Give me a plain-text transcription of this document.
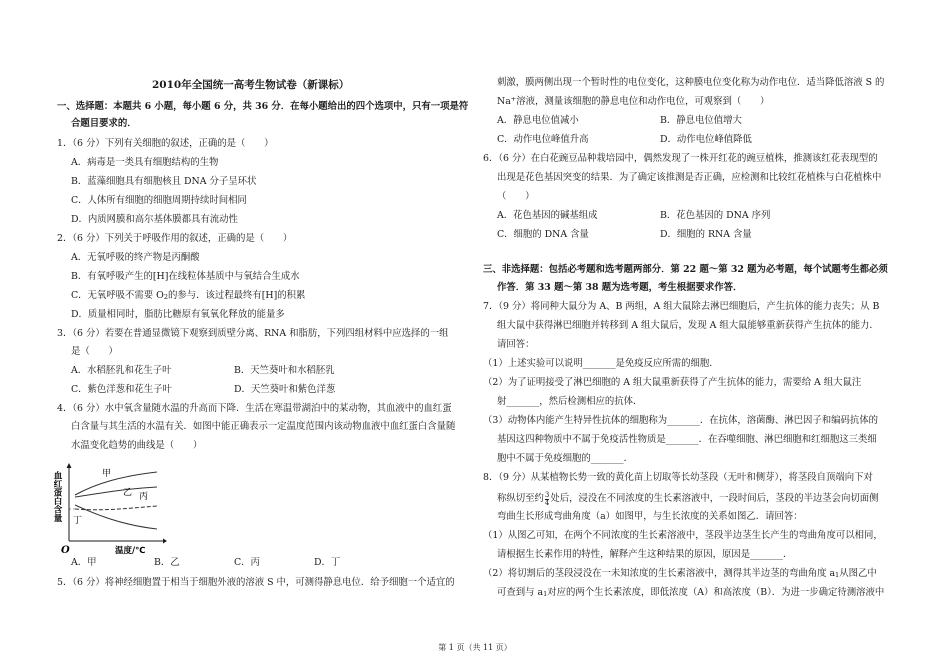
2010年全国统一高考生物试卷（新课标）
一、选择题：本题共 6 小题，每小题 6 分，共 36 分．在每小题给出的四个选项中，只有一项是符
合题目要求的．
1．（6 分）下列有关细胞的叙述，正确的是（　　）
A．病毒是一类具有细胞结构的生物
B．蓝藻细胞具有细胞核且 DNA 分子呈环状
C．人体所有细胞的细胞周期持续时间相同
D．内质网膜和高尔基体膜都具有流动性
2．（6 分）下列关于呼吸作用的叙述，正确的是（　　）
A．无氧呼吸的终产物是丙酮酸
B．有氧呼吸产生的[H]在线粒体基质中与氧结合生成水
C．无氧呼吸不需要 $O_2$的参与．该过程最终有[H]的积累
D．质量相同时，脂肪比糖原有氧氧化释放的能量多
3．（6 分）若要在普通显微镜下观察到质壁分离、RNA 和脂肪，下列四组材料中应选择的一组
是（　　）
A．水稻胚乳和花生子叶	B．天竺葵叶和水稻胚乳
C．紫色洋葱和花生子叶	D．天竺葵叶和紫色洋葱
4．（6 分）水中氧含量随水温的升高而下降．生活在寒温带湖泊中的某动物，其血液中的血红蛋
白含量与其生活的水温有关．如图中能正确表示一定温度范围内该动物血液中血红蛋白含量随
水温变化趋势的曲线是（　　）
A．甲	B．乙	C．丙	D．丁
5．（6 分）将神经细胞置于相当于细胞外液的溶液 S 中，可测得静息电位．给予细胞一个适宜的
刺激，膜两侧出现一个暂时性的电位变化，这种膜电位变化称为动作电位．适当降低溶液 S 的
Na+溶液，测量该细胞的静息电位和动作电位，可观察到（　　）
A．静息电位值减小	B．静息电位值增大
C．动作电位峰值升高	D．动作电位峰值降低
6．（6 分）在白花豌豆品种栽培园中，偶然发现了一株开红花的豌豆植株，推测该红花表现型的
出现是花色基因突变的结果．为了确定该推测是否正确，应检测和比较红花植株与白花植株中
（　　）
A．花色基因的碱基组成	B．花色基因的 DNA 序列
C．细胞的 DNA 含量	D．细胞的 RNA 含量
三、非选择题：包括必考题和选考题两部分．第 22 题～第 32 题为必考题，每个试题考生都必须
作答．第 33 题～第 38 题为选考题，考生根据要求作答．
7．（9 分）将同种大鼠分为 A、B 两组，A 组大鼠除去淋巴细胞后，产生抗体的能力丧失；从 B
组大鼠中获得淋巴细胞并转移到 A 组大鼠后，发现 A 组大鼠能够重新获得产生抗体的能力．
请回答：
（1）上述实验可以说明_______是免疫反应所需的细胞．
（2）为了证明接受了淋巴细胞的 A 组大鼠重新获得了产生抗体的能力，需要给 A 组大鼠注
射_______，然后检测相应的抗体．
（3）动物体内能产生特异性抗体的细胞称为_______．在抗体，溶菌酶、淋巴因子和编码抗体的
基因这四种物质中不属于免疫活性物质是_______．在吞噬细胞、淋巴细胞和红细胞这三类细
胞中不属于免疫细胞的_______．
8．（9 分）从某植物长势一致的黄化苗上切取等长幼茎段（无叶和侧芽），将茎段自顶端向下对
称纵切至约 $\frac{3}{4}$ 处后，浸没在不同浓度的生长素溶液中，一段时间后，茎段的半边茎会向切面侧
弯曲生长形成弯曲角度（a）如图甲，与生长浓度的关系如图乙．请回答：
（1）从图乙可知，在两个不同浓度的生长素溶液中，茎段半边茎生长产生的弯曲角度可以相同，
请根据生长素作用的特性，解释产生这种结果的原因，原因是_______．
（2）将切割后的茎段浸没在一未知浓度的生长素溶液中，测得其半边茎的弯曲角度 $a_1$从图乙中
可查到与 $a_1$对应的两个生长素浓度，即低浓度（A）和高浓度（B）．为进一步确定待测溶液中
血红蛋白含量
O	温度/℃
甲
乙 丙
丁
第 1 页（共 11 页）
